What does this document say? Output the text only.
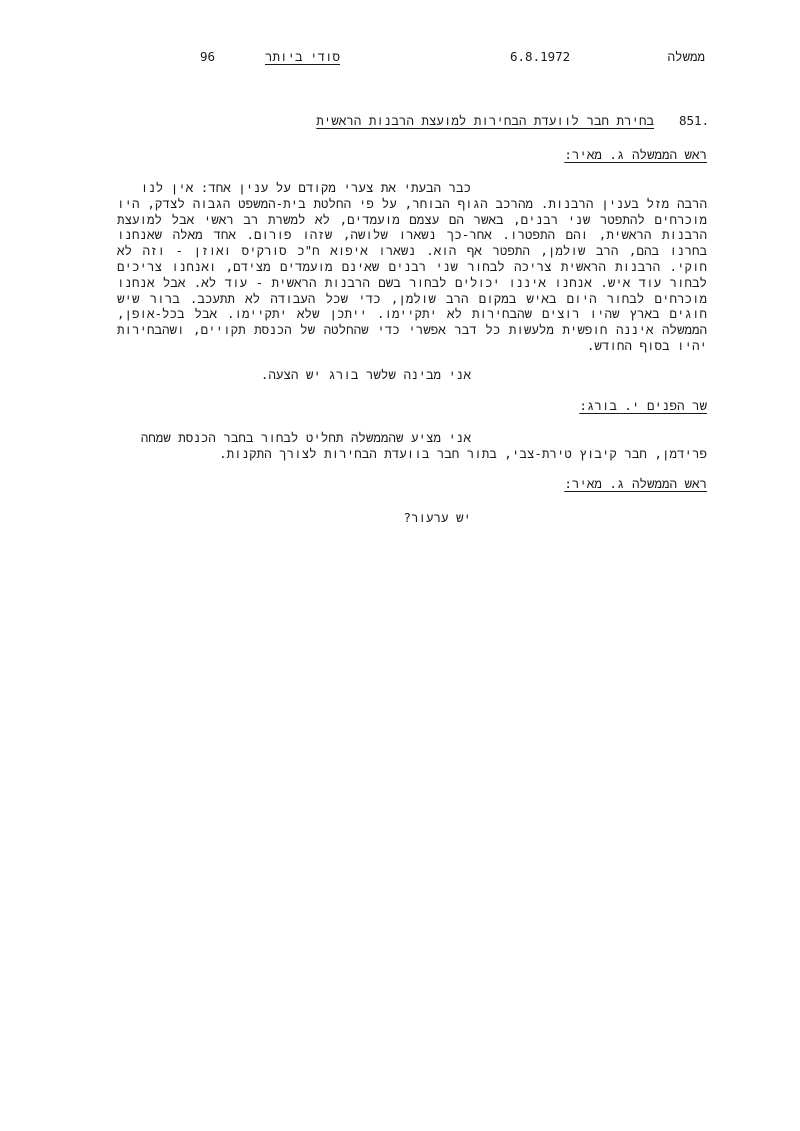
ממשלה
6.8.1972
סודי ביותר
96
851.
בחירת חבר לוועדת הבחירות למועצת הרבנות הראשית
ראש הממשלה ג. מאיר:
כבר הבעתי את צערי מקודם על ענין אחד: אין לנו
הרבה מזל בענין הרבנות. מהרכב הגוף הבוחר, על פי החלטת בית-המשפט הגבוה לצדק, היו מוכרחים להתפטר שני רבנים, באשר הם עצמם מועמדים, לא למשרת רב ראשי אבל למועצת הרבנות הראשית, והם התפטרו. אחר-כך נשארו שלושה, שזהו פורום. אחד מאלה שאנחנו בחרנו בהם, הרב שולמן, התפטר אף הוא. נשארו איפוא ח"כ סורקיס ואוזן - וזה לא חוקי. הרבנות הראשית צריכה לבחור שני רבנים שאינם מועמדים מצידם, ואנחנו צריכים לבחור עוד איש. אנחנו איננו יכולים לבחור בשם הרבנות הראשית - עוד לא. אבל אנחנו מוכרחים לבחור היום באיש במקום הרב שולמן, כדי שכל העבודה לא תתעכב. ברור שיש חוגים בארץ שהיו רוצים שהבחירות לא יתקיימו. ייתכן שלא יתקיימו. אבל בכל-אופן, הממשלה איננה חופשית מלעשות כל דבר אפשרי כדי שהחלטה של הכנסת תקויים, ושהבחירות יהיו בסוף החודש.
אני מבינה שלשר בורג יש הצעה.
שר הפנים י. בורג:
אני מציע שהממשלה תחליט לבחור בחבר הכנסת שמחה
פרידמן, חבר קיבוץ טירת-צבי, בתור חבר בוועדת הבחירות לצורך התקנות.
ראש הממשלה ג. מאיר:
יש ערעור?
